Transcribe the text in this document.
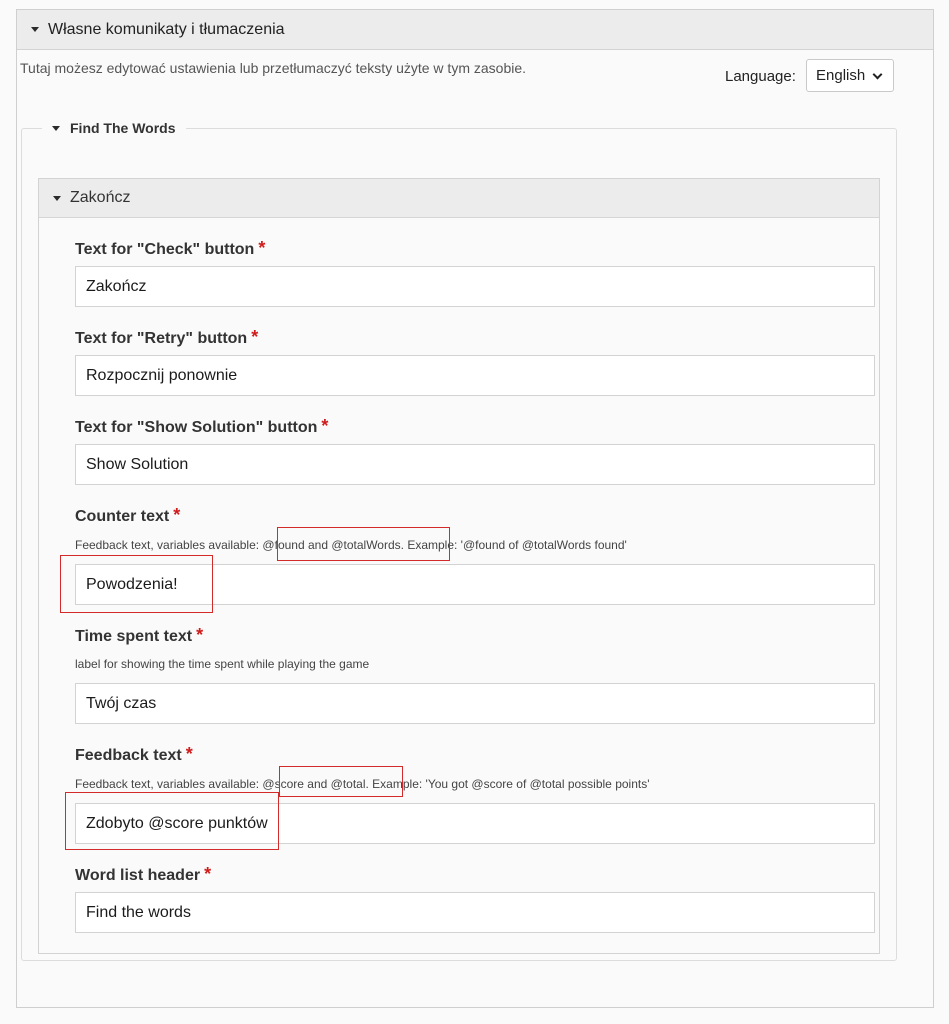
Własne komunikaty i tłumaczenia
Tutaj możesz edytować ustawienia lub przetłumaczyć teksty użyte w tym zasobie.	Language: English
Find The Words
Zakończ
Text for "Check" button *
Zakończ
Text for "Retry" button *
Rozpocznij ponownie
Text for "Show Solution" button *
Show Solution
Counter text *
Feedback text, variables available: @found and @totalWords. Example: '@found of @totalWords found'
Powodzenia!
Time spent text *
label for showing the time spent while playing the game
Twój czas
Feedback text *
Feedback text, variables available: @score and @total. Example: 'You got @score of @total possible points'
Zdobyto @score punktów
Word list header *
Find the words
